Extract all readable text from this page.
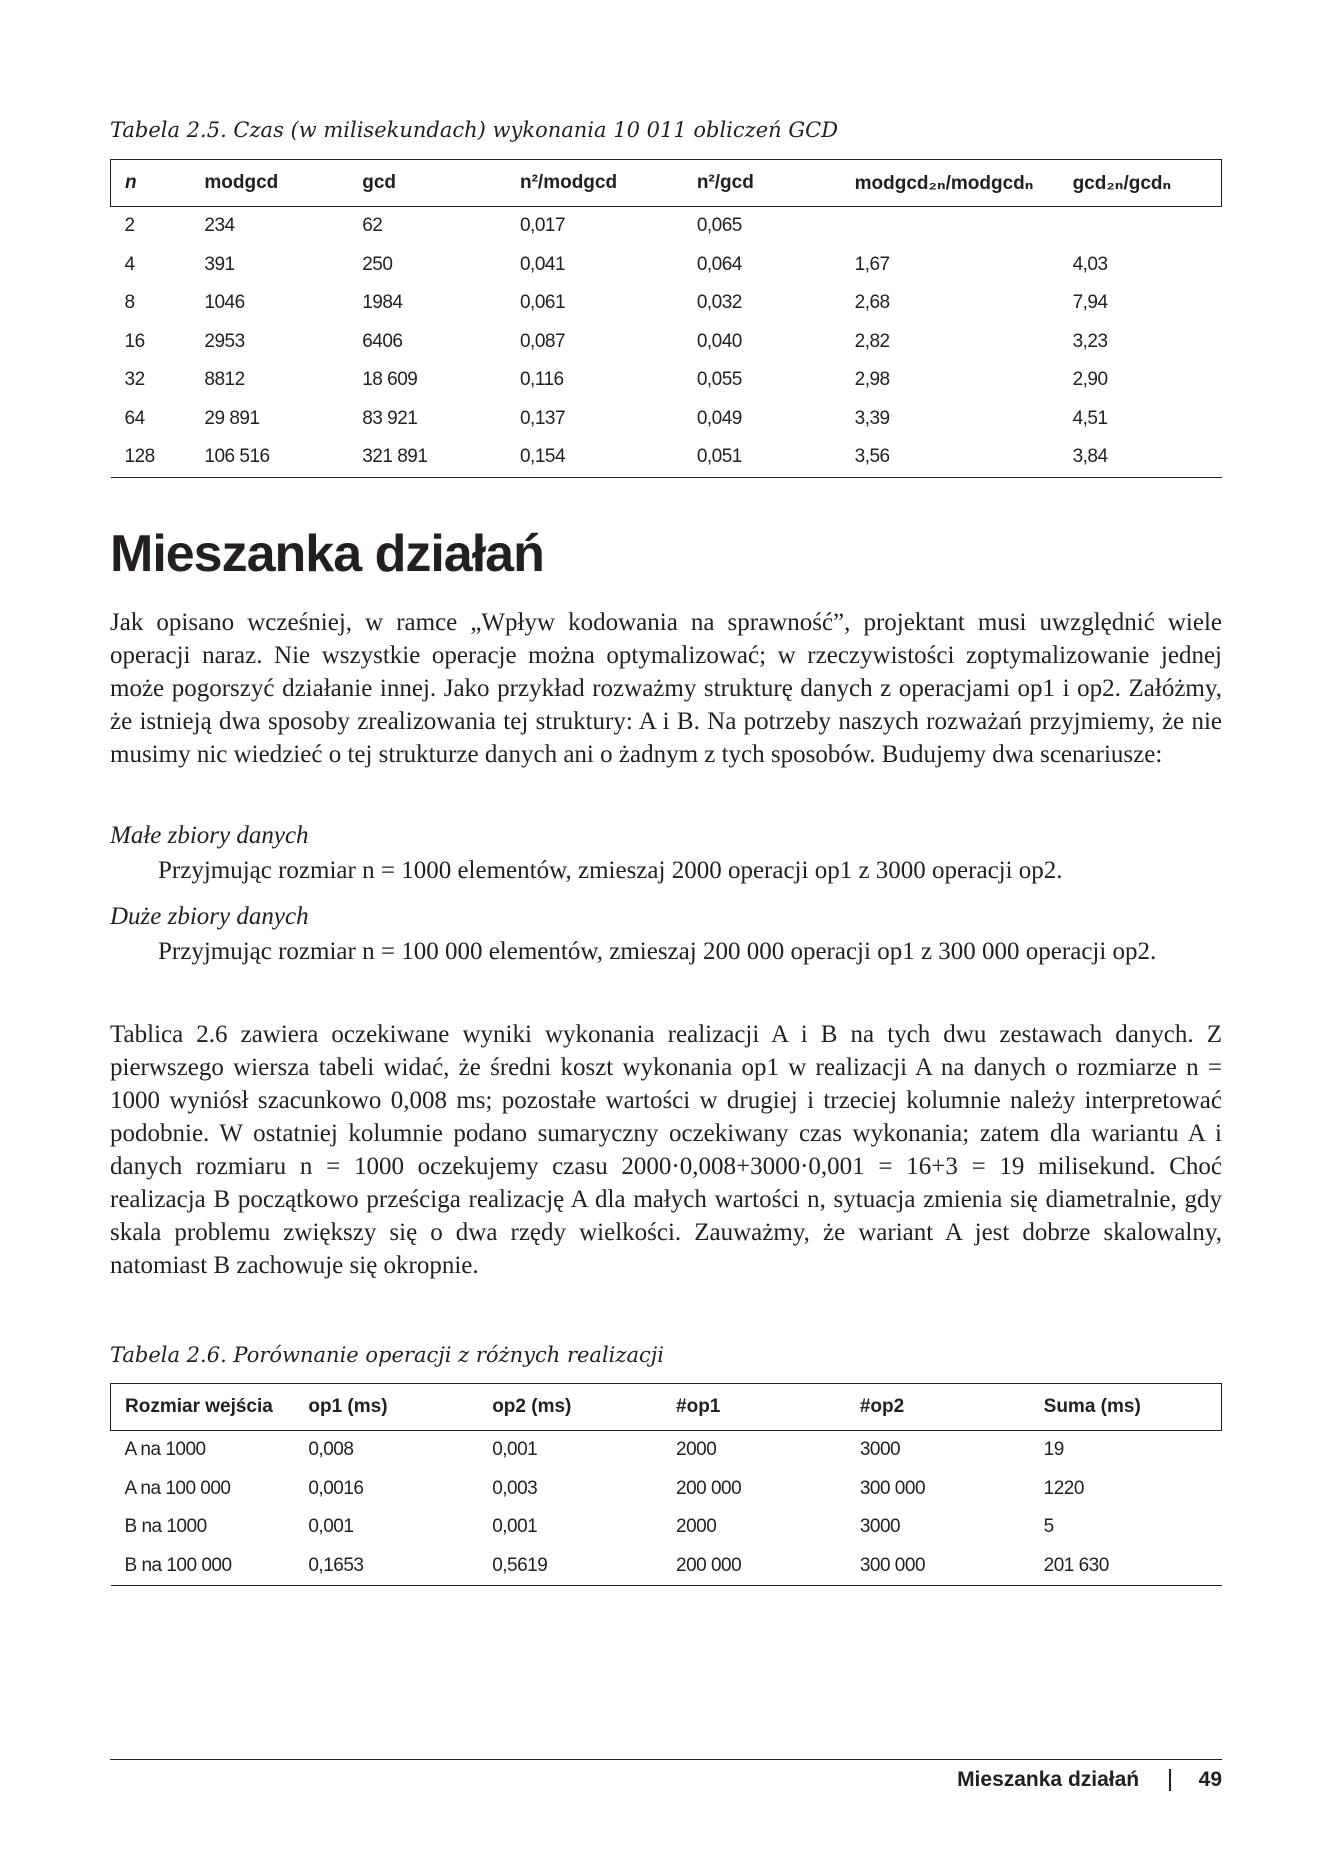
Tabela 2.5. Czas (w milisekundach) wykonania 10 011 obliczeń GCD
n	modgcd	gcd	n²/modgcd	n²/gcd	modgcd₂ₙ/modgcdₙ	gcd₂ₙ/gcdₙ
2	234	62	0,017	0,065		
4	391	250	0,041	0,064	1,67	4,03
8	1046	1984	0,061	0,032	2,68	7,94
16	2953	6406	0,087	0,040	2,82	3,23
32	8812	18 609	0,116	0,055	2,98	2,90
64	29 891	83 921	0,137	0,049	3,39	4,51
128	106 516	321 891	0,154	0,051	3,56	3,84
Mieszanka działań

Jak opisano wcześniej, w ramce „Wpływ kodowania na sprawność”, projektant musi uwzględnić wiele operacji naraz. Nie wszystkie operacje można optymalizować; w rzeczywistości zoptymalizowanie jednej może pogorszyć działanie innej. Jako przykład rozważmy strukturę danych z operacjami op1 i op2. Załóżmy, że istnieją dwa sposoby zrealizowania tej struktury: A i B. Na potrzeby naszych rozważań przyjmiemy, że nie musimy nic wiedzieć o tej strukturze danych ani o żadnym z tych sposobów. Budujemy dwa scenariusze:

Małe zbiory danych

Przyjmując rozmiar n = 1000 elementów, zmieszaj 2000 operacji op1 z 3000 operacji op2.

Duże zbiory danych

Przyjmując rozmiar n = 100 000 elementów, zmieszaj 200 000 operacji op1 z 300 000 operacji op2.

Tablica 2.6 zawiera oczekiwane wyniki wykonania realizacji A i B na tych dwu zestawach danych. Z pierwszego wiersza tabeli widać, że średni koszt wykonania op1 w realizacji A na danych o rozmiarze n = 1000 wyniósł szacunkowo 0,008 ms; pozostałe wartości w drugiej i trzeciej kolumnie należy interpretować podobnie. W ostatniej kolumnie podano sumaryczny oczekiwany czas wykonania; zatem dla wariantu A i danych rozmiaru n = 1000 oczekujemy czasu 2000·0,008+3000·0,001 = 16+3 = 19 milisekund. Choć realizacja B początkowo prześciga realizację A dla małych wartości n, sytuacja zmienia się diametralnie, gdy skala problemu zwiększy się o dwa rzędy wielkości. Zauważmy, że wariant A jest dobrze skalowalny, natomiast B zachowuje się okropnie.

Tabela 2.6. Porównanie operacji z różnych realizacji
Rozmiar wejścia	op1 (ms)	op2 (ms)	#op1	#op2	Suma (ms)
A na 1000	0,008	0,001	2000	3000	19
A na 100 000	0,0016	0,003	200 000	300 000	1220
B na 1000	0,001	0,001	2000	3000	5
B na 100 000	0,1653	0,5619	200 000	300 000	201 630
Mieszanka działań	49
